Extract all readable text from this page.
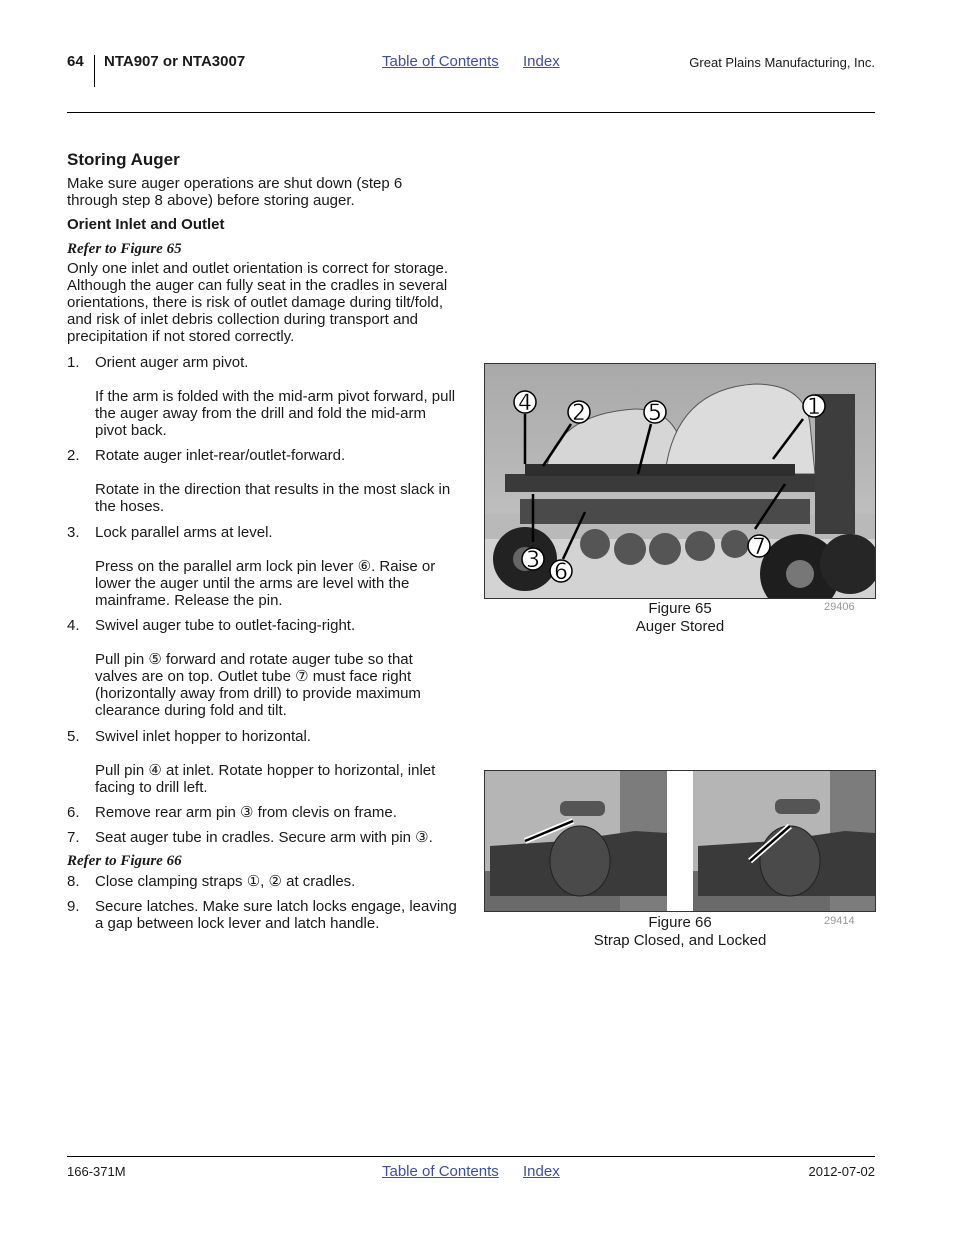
64 NTA907 or NTA3007	Table of Contents Index	Great Plains Manufacturing, Inc.
Storing Auger
Make sure auger operations are shut down (step 6 through step 8 above) before storing auger.
Orient Inlet and Outlet
Refer to Figure 65
Only one inlet and outlet orientation is correct for storage. Although the auger can fully seat in the cradles in several orientations, there is risk of outlet damage during tilt/fold, and risk of inlet debris collection during transport and precipitation if not stored correctly.
1. Orient auger arm pivot.
If the arm is folded with the mid-arm pivot forward, pull the auger away from the drill and fold the mid-arm pivot back.
2. Rotate auger inlet-rear/outlet-forward.
Rotate in the direction that results in the most slack in the hoses.
3. Lock parallel arms at level.
Press on the parallel arm lock pin lever ⑥. Raise or lower the auger until the arms are level with the mainframe. Release the pin.
4. Swivel auger tube to outlet-facing-right.
Pull pin ⑤ forward and rotate auger tube so that valves are on top. Outlet tube ⑦ must face right (horizontally away from drill) to provide maximum clearance during fold and tilt.
5. Swivel inlet hopper to horizontal.
Pull pin ④ at inlet. Rotate hopper to horizontal, inlet facing to drill left.
6. Remove rear arm pin ③ from clevis on frame.
7. Seat auger tube in cradles. Secure arm with pin ③.
Refer to Figure 66
8. Close clamping straps ①, ② at cradles.
9. Secure latches. Make sure latch locks engage, leaving a gap between lock lever and latch handle.
4 2	5	1
3 6
7
Figure 65
Auger Stored
29406
Figure 66
Strap Closed, and Locked
29414
166-371M	Table of Contents Index	2012-07-02
